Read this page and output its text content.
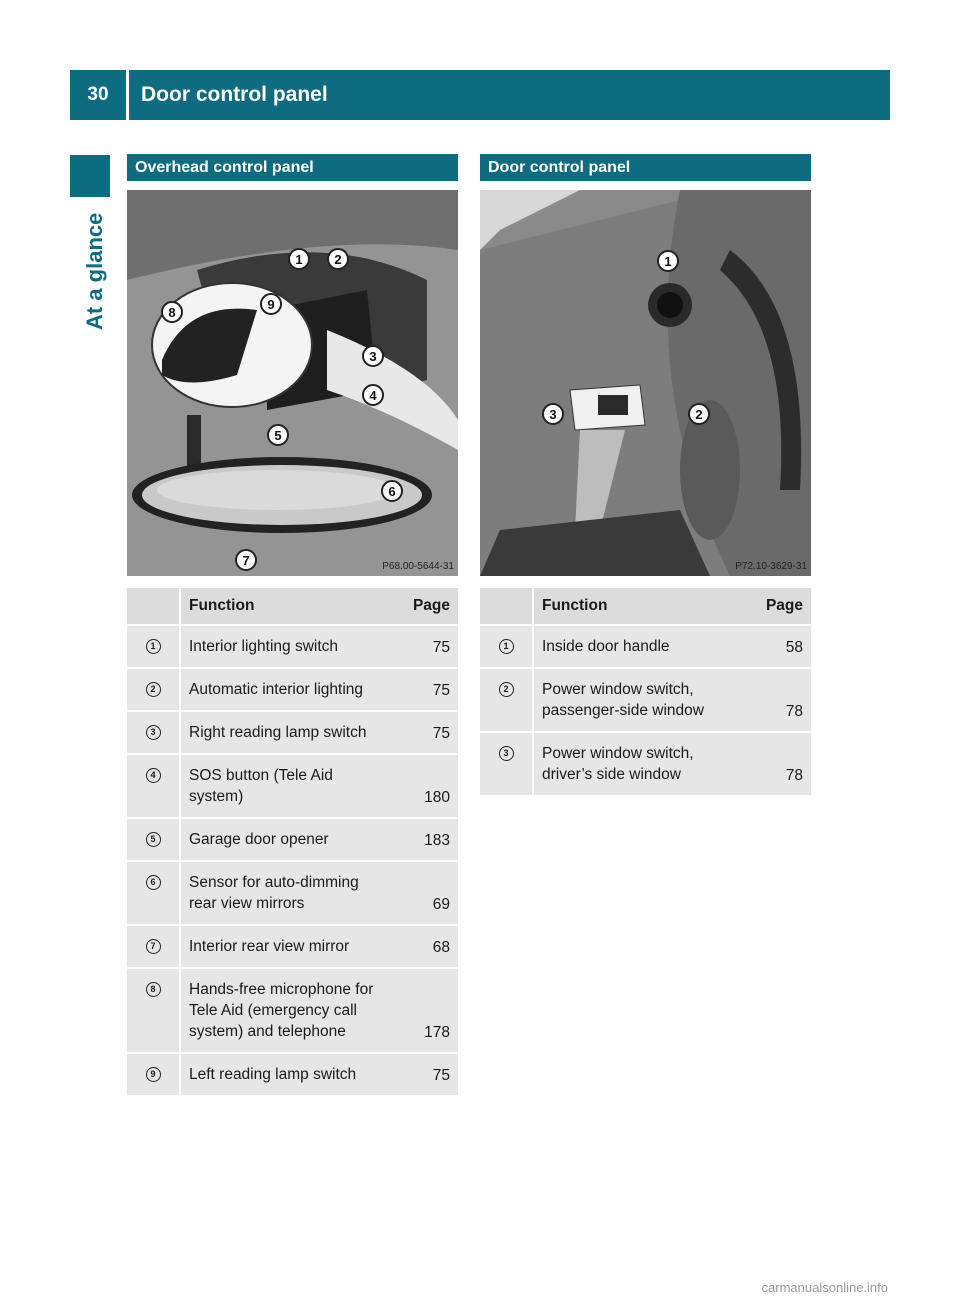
30	Door control panel
At a glance
Overhead control panel
1	2
3
4
5
6
7
8
9
P68.00-5644-31
	Function	Page
1	Interior lighting switch	75
2	Automatic interior lighting	75
3	Right reading lamp switch	75
4	SOS button (Tele Aid system)	180
5	Garage door opener	183
6	Sensor for auto-dimming rear view mirrors	69
7	Interior rear view mirror	68
8	Hands-free microphone for Tele Aid (emergency call system) and telephone	178
9	Left reading lamp switch	75
Door control panel
1
2
3
P72.10-3629-31
	Function	Page
1	Inside door handle	58
2	Power window switch, passenger-side window	78
3	Power window switch, driver’s side window	78
carmanualsonline.info
